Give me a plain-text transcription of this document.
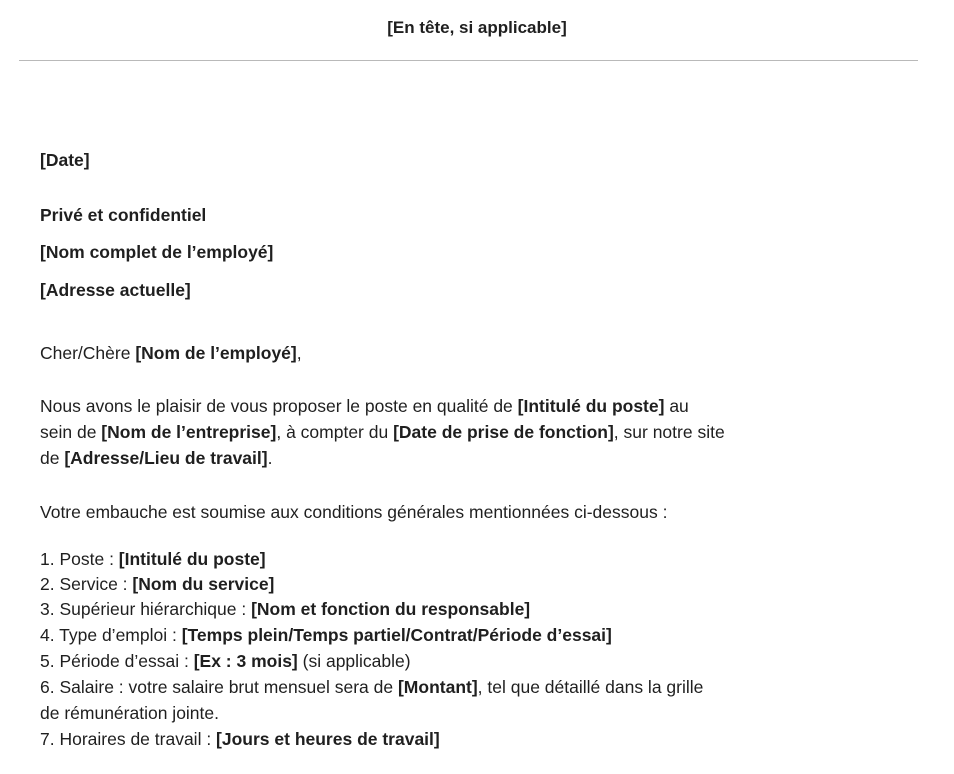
[En tête, si applicable]
[Date]
Privé et confidentiel
[Nom complet de l’employé]
[Adresse actuelle]
Cher/Chère [Nom de l’employé],
Nous avons le plaisir de vous proposer le poste en qualité de [Intitulé du poste] au
sein de [Nom de l’entreprise], à compter du [Date de prise de fonction], sur notre site
de [Adresse/Lieu de travail].
Votre embauche est soumise aux conditions générales mentionnées ci-dessous :
1. Poste : [Intitulé du poste]
2. Service : [Nom du service]
3. Supérieur hiérarchique : [Nom et fonction du responsable]
4. Type d’emploi : [Temps plein/Temps partiel/Contrat/Période d’essai]
5. Période d’essai : [Ex : 3 mois] (si applicable)
6. Salaire : votre salaire brut mensuel sera de [Montant], tel que détaillé dans la grille
de rémunération jointe.
7. Horaires de travail : [Jours et heures de travail]
